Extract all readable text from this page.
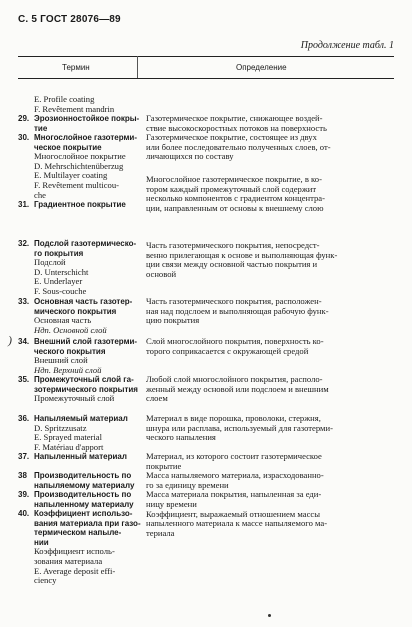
С. 5 ГОСТ 28076—89
Продолжение табл. 1
Термин	Определение
E. Profile coating
F. Revêtement mandrin
29. Эрозионностойкое покры-
тие
30. Многослойное газотерми-
ческое покрытие
Многослойное покрытие
D. Mehrschichtenüberzug
E. Multilayer coating
F. Revêtement multicou-
che
31. Градиентное покрытие
32. Подслой газотермическо-
го покрытия
Подслой
D. Unterschicht
E. Underlayer
F. Sous-couche
33. Основная часть газотер-
мического покрытия
Основная часть
Ндп. Основной слой
34. Внешний слой газотерми-
ческого покрытия
Внешний слой
Ндп. Верхний слой
35. Промежуточный слой га-
зотермического покрытия
Промежуточный слой
36. Напыляемый материал
D. Spritzzusatz
E. Sprayed material
F. Matériau d'apport
37. Напыленный материал
38 Производительность по
напыляемому материалу
39. Производительность по
напыленному материалу
40. Коэффициент использо-
вания материала при газо-
термическом напыле-
нии
Коэффициент исполь-
зования материала
E. Average deposit effi-
ciency
Газотермическое покрытие, снижающее воздей-
ствие высокоскоростных потоков на поверхность
Газотермическое покрытие, состоящее из двух
или более последовательно полученных слоев, от-
личающихся по составу
Многослойное газотермическое покрытие, в ко-
тором каждый промежуточный слой содержит
несколько компонентов с градиентом концентра-
ции, направленным от основы к внешнему слою
Часть газотермического покрытия, непосредст-
венно прилегающая к основе и выполняющая функ-
ции связи между основной частью покрытия и
основой
Часть газотермического покрытия, расположен-
ная над подслоем и выполняющая рабочую функ-
цию покрытия
Слой многослойного покрытия, поверхность ко-
торого соприкасается с окружающей средой
Любой слой многослойного покрытия, располо-
женный между основой или подслоем и внешним
слоем
Материал в виде порошка, проволоки, стержня,
шнура или расплава, используемый для газотерми-
ческого напыления
Материал, из которого состоит газотермическое
покрытие
Масса напыляемого материала, израсходованно-
го за единицу времени
Масса материала покрытия, напыленная за еди-
ницу времени
Коэффициент, выражаемый отношением массы
напыленного материала к массе напыляемого ма-
териала
)
